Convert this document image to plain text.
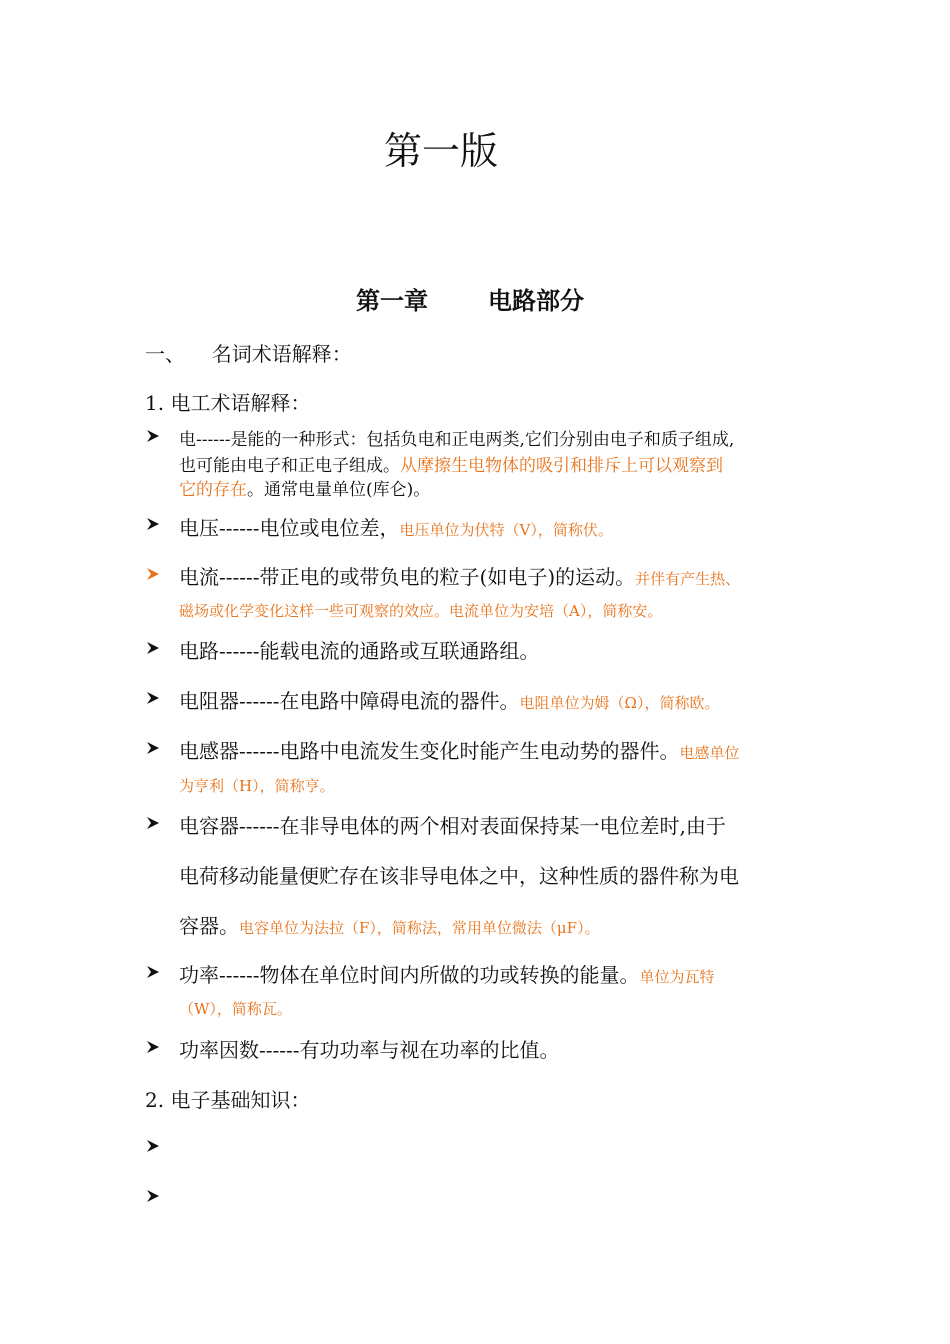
第一版
第一章	电路部分
一、 名词术语解释：
1. 电工术语解释：
电------是能的一种形式：包括负电和正电两类,它们分别由电子和质子组成,
也可能由电子和正电子组成。从摩擦生电物体的吸引和排斥上可以观察到
它的存在。通常电量单位(库仑)。
电压------电位或电位差，电压单位为伏特（V），简称伏。
电流------带正电的或带负电的粒子(如电子)的运动。并伴有产生热、
磁场或化学变化这样一些可观察的效应。电流单位为安培（A），简称安。
电路------能载电流的通路或互联通路组。
电阻器------在电路中障碍电流的器件。电阻单位为姆（Ω），简称欧。
电感器------电路中电流发生变化时能产生电动势的器件。电感单位
为亨利（H），简称亨。
电容器------在非导电体的两个相对表面保持某一电位差时,由于
电荷移动能量便贮存在该非导电体之中，这种性质的器件称为电
容器。电容单位为法拉（F），简称法，常用单位微法（μF）。
功率------物体在单位时间内所做的功或转换的能量。单位为瓦特
（W），简称瓦。
功率因数------有功功率与视在功率的比值。
2. 电子基础知识：
